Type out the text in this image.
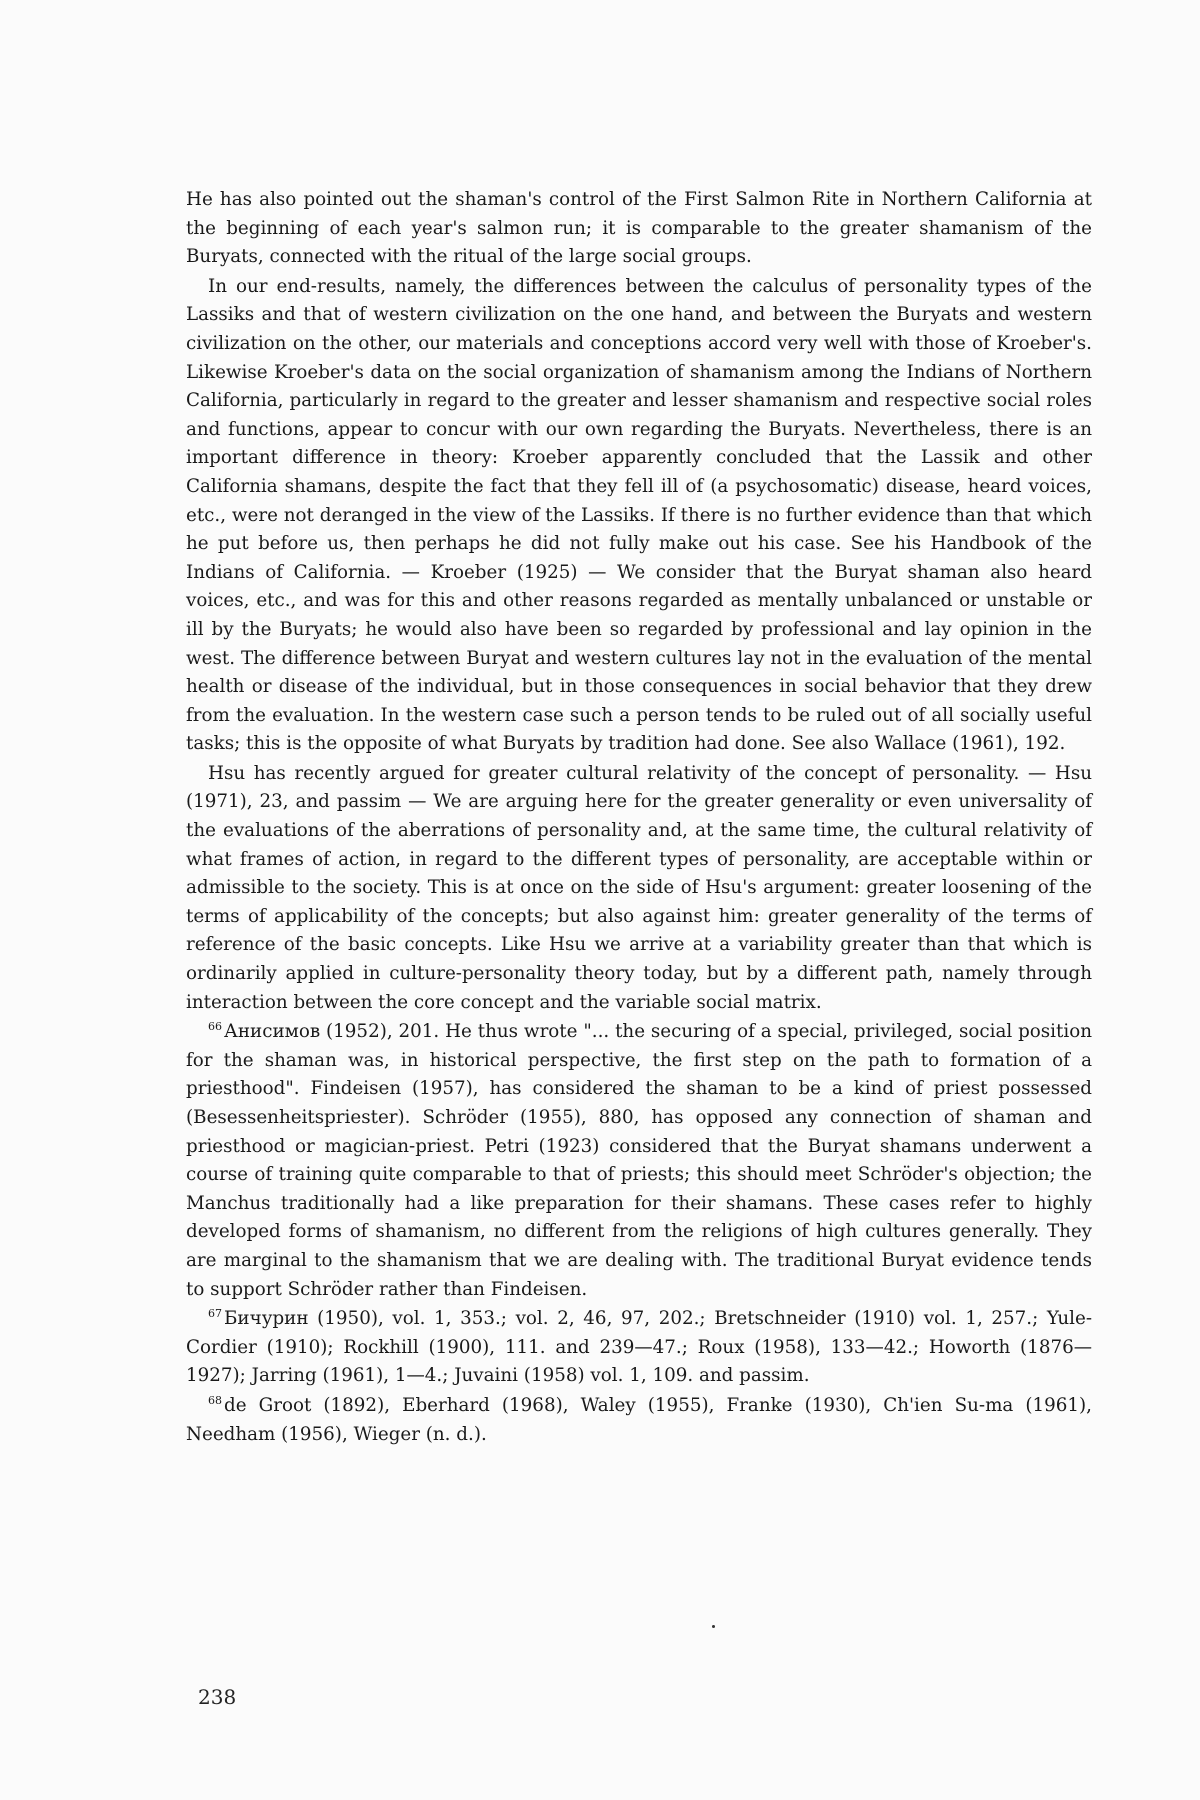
He has also pointed out the shaman's control of the First Salmon Rite in Northern California at the beginning of each year's salmon run; it is comparable to the greater shamanism of the Buryats, connected with the ritual of the large social groups.

In our end-results, namely, the differences between the calculus of personality types of the Lassiks and that of western civilization on the one hand, and between the Buryats and western civilization on the other, our materials and conceptions accord very well with those of Kroeber's. Likewise Kroeber's data on the social organization of shamanism among the Indians of Northern California, particularly in regard to the greater and lesser shamanism and respective social roles and functions, appear to concur with our own regarding the Buryats. Nevertheless, there is an important difference in theory: Kroeber apparently concluded that the Lassik and other California shamans, despite the fact that they fell ill of (a psychosomatic) disease, heard voices, etc., were not deranged in the view of the Lassiks. If there is no further evidence than that which he put before us, then perhaps he did not fully make out his case. See his Handbook of the Indians of California. — Kroeber (1925) — We consider that the Buryat shaman also heard voices, etc., and was for this and other reasons regarded as mentally unbalanced or unstable or ill by the Buryats; he would also have been so regarded by professional and lay opinion in the west. The difference between Buryat and western cultures lay not in the evaluation of the mental health or disease of the individual, but in those consequences in social behavior that they drew from the evaluation. In the western case such a person tends to be ruled out of all socially useful tasks; this is the opposite of what Buryats by tradition had done. See also Wallace (1961), 192.

Hsu has recently argued for greater cultural relativity of the concept of personality. — Hsu (1971), 23, and passim — We are arguing here for the greater generality or even universality of the evaluations of the aberrations of personality and, at the same time, the cultural relativity of what frames of action, in regard to the different types of personality, are acceptable within or admissible to the society. This is at once on the side of Hsu's argument: greater loosening of the terms of applicability of the concepts; but also against him: greater generality of the terms of reference of the basic concepts. Like Hsu we arrive at a variability greater than that which is ordinarily applied in culture-personality theory today, but by a different path, namely through interaction between the core concept and the variable social matrix.

$^{66}$ Анисимов (1952), 201. He thus wrote "... the securing of a special, privileged, social position for the shaman was, in historical perspective, the first step on the path to formation of a priesthood". Findeisen (1957), has considered the shaman to be a kind of priest possessed (Besessenheitspriester). Schröder (1955), 880, has opposed any connection of shaman and priesthood or magician-priest. Petri (1923) considered that the Buryat shamans underwent a course of training quite comparable to that of priests; this should meet Schröder's objection; the Manchus traditionally had a like preparation for their shamans. These cases refer to highly developed forms of shamanism, no different from the religions of high cultures generally. They are marginal to the shamanism that we are dealing with. The traditional Buryat evidence tends to support Schröder rather than Findeisen.

$^{67}$ Бичурин (1950), vol. 1, 353.; vol. 2, 46, 97, 202.; Bretschneider (1910) vol. 1, 257.; Yule-Cordier (1910); Rockhill (1900), 111. and 239—47.; Roux (1958), 133—42.; Howorth (1876—1927); Jarring (1961), 1—4.; Juvaini (1958) vol. 1, 109. and passim.

$^{68}$ de Groot (1892), Eberhard (1968), Waley (1955), Franke (1930), Ch'ien Su-ma (1961), Needham (1956), Wieger (n. d.).

238
